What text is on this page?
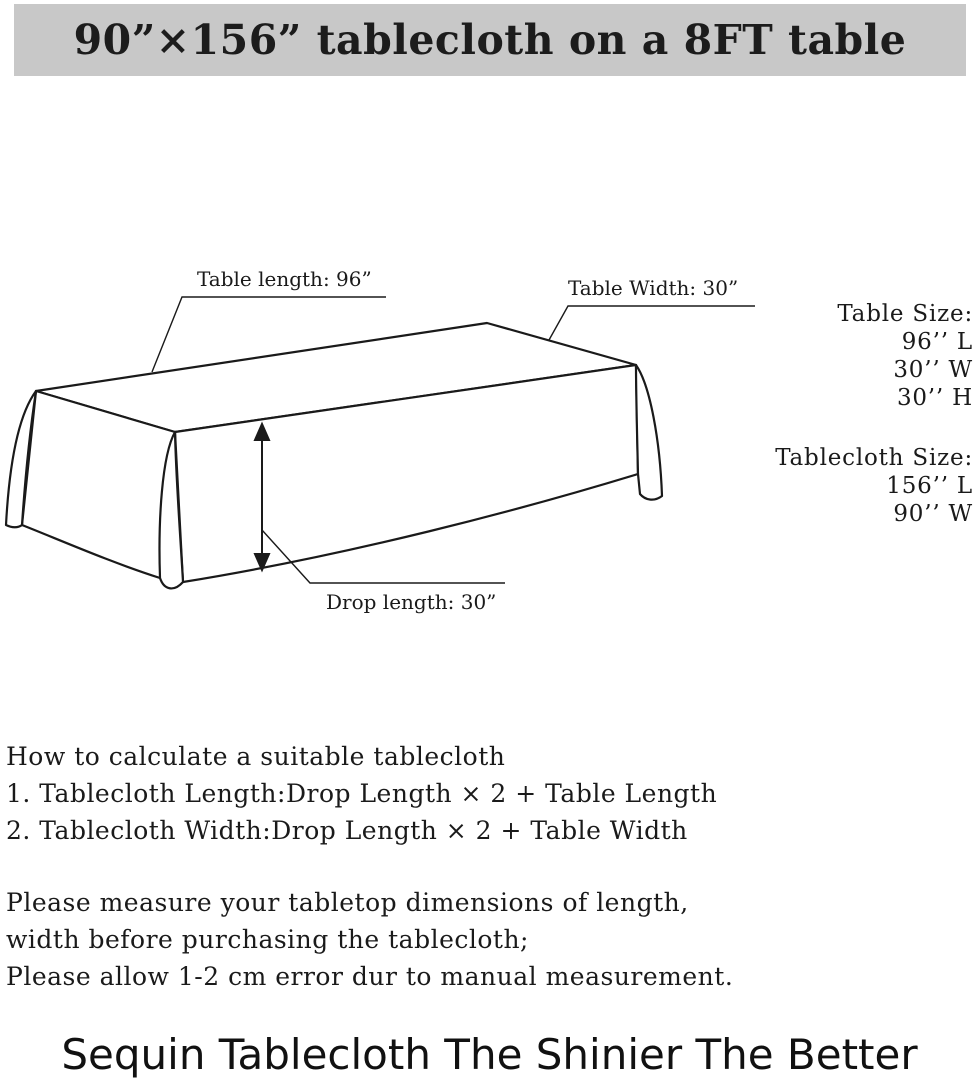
90”×156” tablecloth on a 8FT table
Table length: 96”	Table Width: 30”
Drop length: 30”
Table Size:
96’’ L
30’’ W
30’’ H
Tablecloth Size:
156’’ L
90’’ W
How to calculate a suitable tablecloth
1. Tablecloth Length:Drop Length × 2 + Table Length
2. Tablecloth Width:Drop Length × 2 + Table Width
Please measure your tabletop dimensions of length,
width before purchasing the tablecloth;
Please allow 1-2 cm error dur to manual measurement.
Sequin Tablecloth The Shinier The Better
